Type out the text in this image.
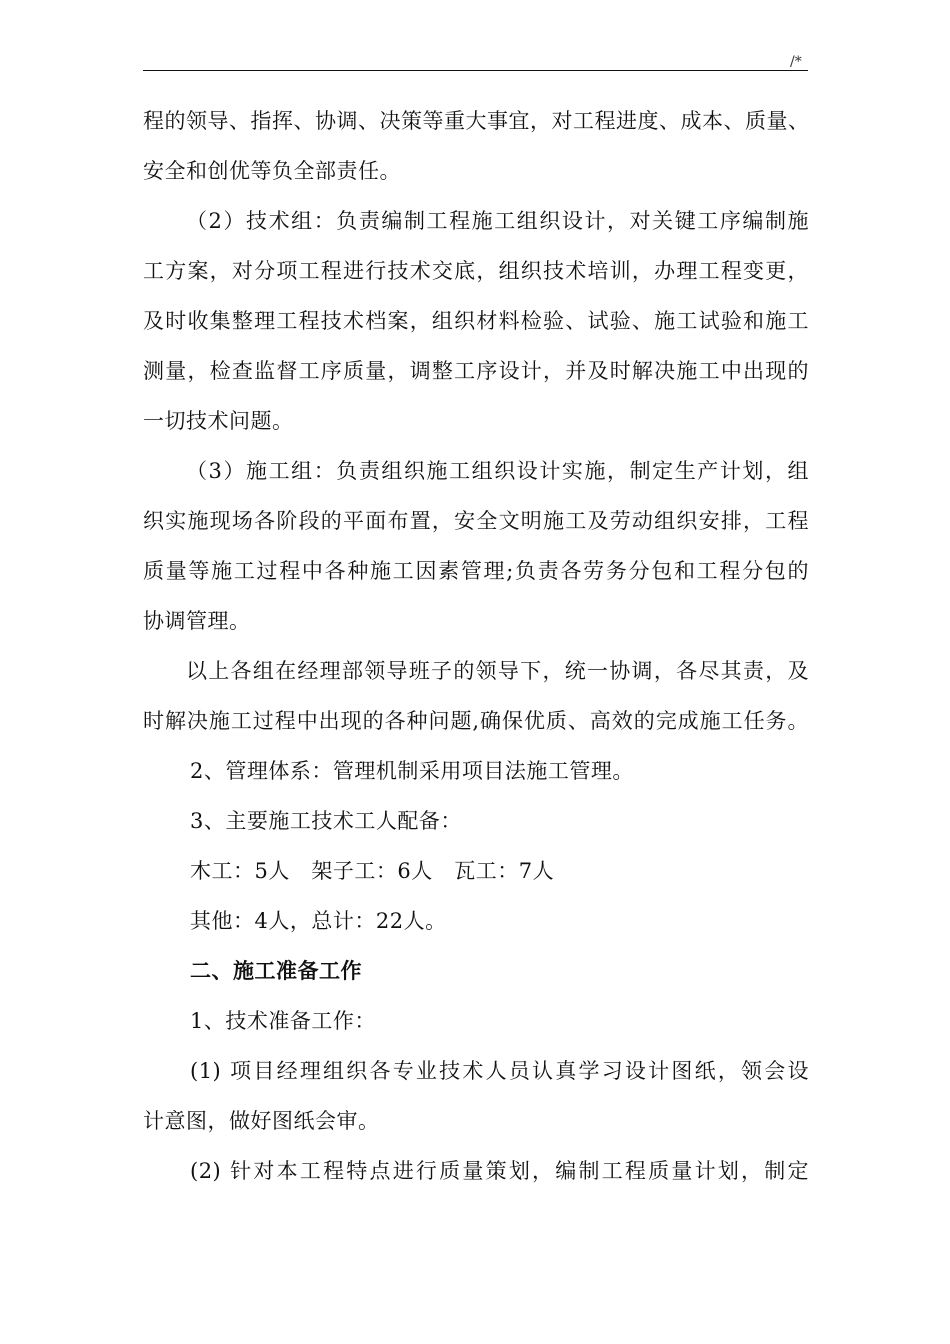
/*
程的领导、指挥、协调、决策等重大事宜，对工程进度、成本、质量、
安全和创优等负全部责任。
（2）技术组：负责编制工程施工组织设计，对关键工序编制施
工方案，对分项工程进行技术交底，组织技术培训，办理工程变更，
及时收集整理工程技术档案，组织材料检验、试验、施工试验和施工
测量，检查监督工序质量，调整工序设计，并及时解决施工中出现的
一切技术问题。
（3）施工组：负责组织施工组织设计实施，制定生产计划，组
织实施现场各阶段的平面布置，安全文明施工及劳动组织安排，工程
质量等施工过程中各种施工因素管理;负责各劳务分包和工程分包的
协调管理。
以上各组在经理部领导班子的领导下，统一协调，各尽其责，及
时解决施工过程中出现的各种问题,确保优质、高效的完成施工任务。
2、管理体系：管理机制采用项目法施工管理。
3、主要施工技术工人配备：
木工：5人   架子工：6人   瓦工：7人
其他：4人，总计：22人。
二、施工准备工作
1、技术准备工作：
(1) 项目经理组织各专业技术人员认真学习设计图纸，领会设
计意图，做好图纸会审。
(2) 针对本工程特点进行质量策划，编制工程质量计划，制定
